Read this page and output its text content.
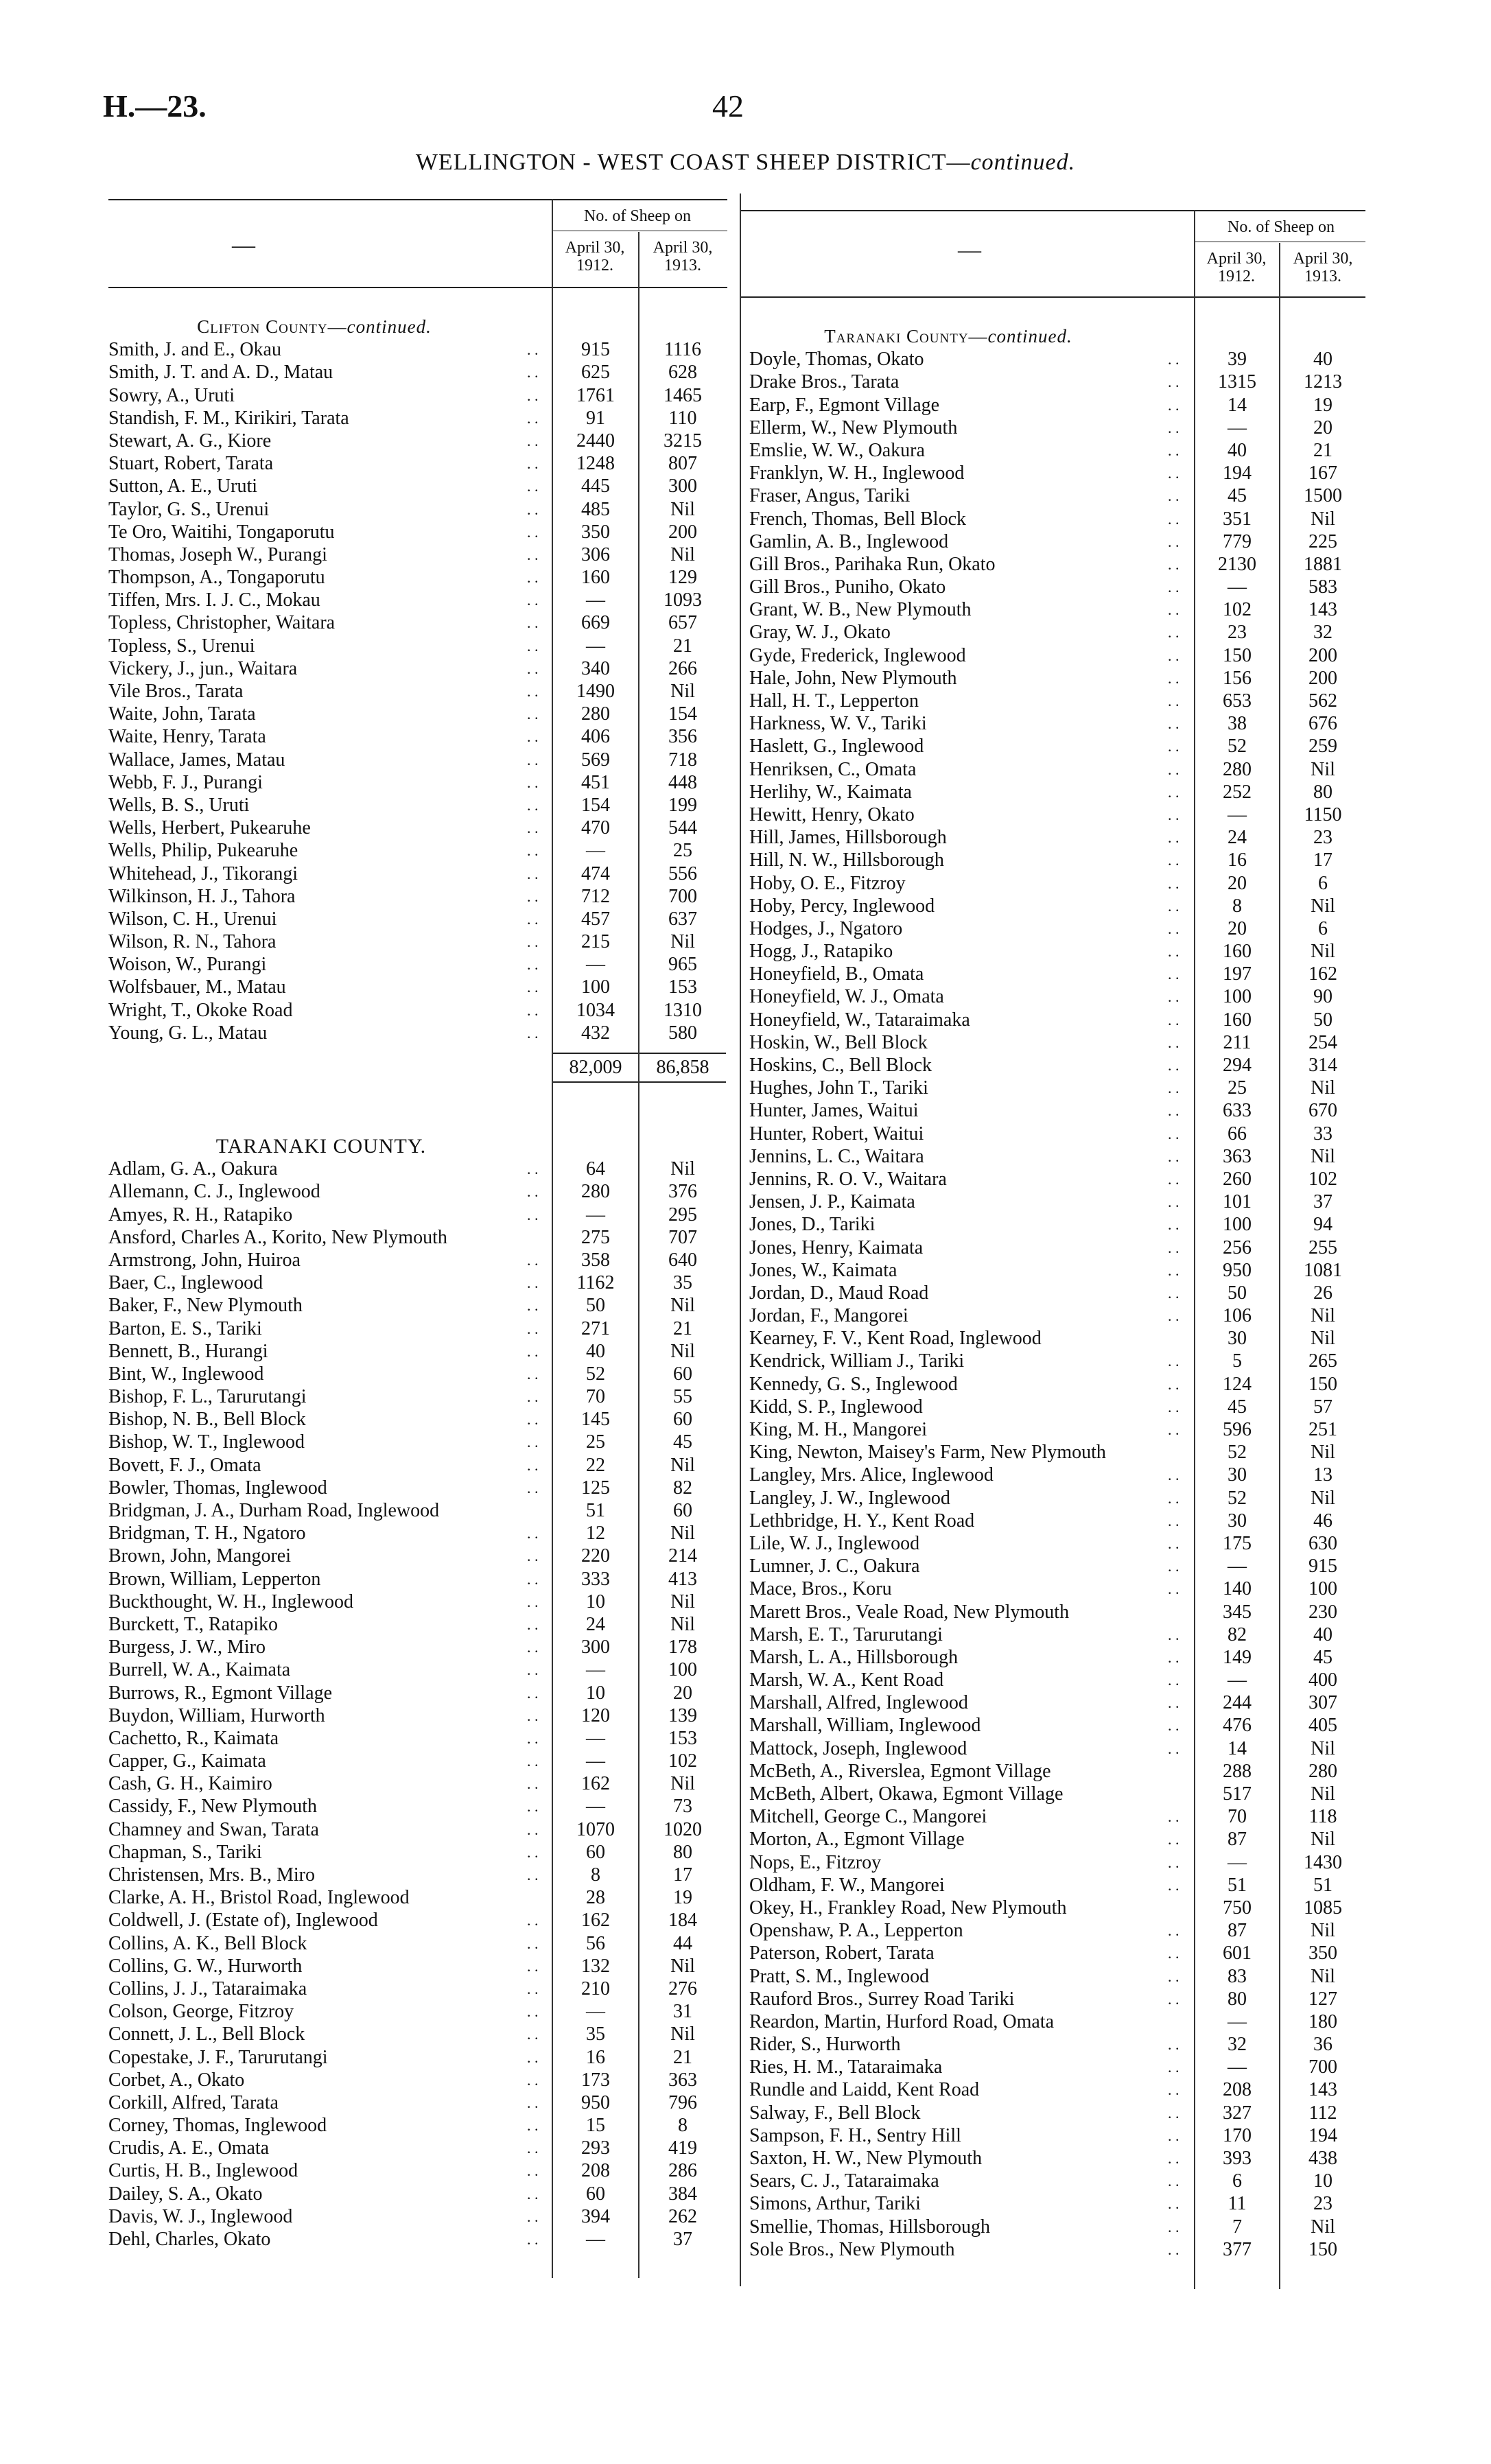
H.—23.	42
WELLINGTON - WEST COAST SHEEP DISTRICT—continued.
—
No. of Sheep on
April 30,
1912.
April 30,
1913.
Clifton County—continued.
Smith, J. and E., Okau	. .	915	1116
Smith, J. T. and A. D., Matau	. .	625	628
Sowry, A., Uruti	. .	1761	1465
Standish, F. M., Kirikiri, Tarata	. .	91	110
Stewart, A. G., Kiore	. .	2440	3215
Stuart, Robert, Tarata	. .	1248	807
Sutton, A. E., Uruti	. .	445	300
Taylor, G. S., Urenui	. .	485	Nil
Te Oro, Waitihi, Tongaporutu	. .	350	200
Thomas, Joseph W., Purangi	. .	306	Nil
Thompson, A., Tongaporutu	. .	160	129
Tiffen, Mrs. I. J. C., Mokau	. .	—	1093
Topless, Christopher, Waitara	. .	669	657
Topless, S., Urenui	. .	—	21
Vickery, J., jun., Waitara	. .	340	266
Vile Bros., Tarata	. .	1490	Nil
Waite, John, Tarata	. .	280	154
Waite, Henry, Tarata	. .	406	356
Wallace, James, Matau	. .	569	718
Webb, F. J., Purangi	. .	451	448
Wells, B. S., Uruti	. .	154	199
Wells, Herbert, Pukearuhe	. .	470	544
Wells, Philip, Pukearuhe	. .	—	25
Whitehead, J., Tikorangi	. .	474	556
Wilkinson, H. J., Tahora	. .	712	700
Wilson, C. H., Urenui	. .	457	637
Wilson, R. N., Tahora	. .	215	Nil
Woison, W., Purangi	. .	—	965
Wolfsbauer, M., Matau	. .	100	153
Wright, T., Okoke Road	. .	1034	1310
Young, G. L., Matau	. .	432	580
82,009	86,858
TARANAKI COUNTY.
Adlam, G. A., Oakura	. .	64	Nil
Allemann, C. J., Inglewood	. .	280	376
Amyes, R. H., Ratapiko	. .	—	295
Ansford, Charles A., Korito, New Plymouth	275	707
Armstrong, John, Huiroa	. .	358	640
Baer, C., Inglewood	. .	1162	35
Baker, F., New Plymouth	. .	50	Nil
Barton, E. S., Tariki	. .	271	21
Bennett, B., Hurangi	. .	40	Nil
Bint, W., Inglewood	. .	52	60
Bishop, F. L., Tarurutangi	. .	70	55
Bishop, N. B., Bell Block	. .	145	60
Bishop, W. T., Inglewood	. .	25	45
Bovett, F. J., Omata	. .	22	Nil
Bowler, Thomas, Inglewood	. .	125	82
Bridgman, J. A., Durham Road, Inglewood	51	60
Bridgman, T. H., Ngatoro	. .	12	Nil
Brown, John, Mangorei	. .	220	214
Brown, William, Lepperton	. .	333	413
Buckthought, W. H., Inglewood	. .	10	Nil
Burckett, T., Ratapiko	. .	24	Nil
Burgess, J. W., Miro	. .	300	178
Burrell, W. A., Kaimata	. .	—	100
Burrows, R., Egmont Village	. .	10	20
Buydon, William, Hurworth	. .	120	139
Cachetto, R., Kaimata	. .	—	153
Capper, G., Kaimata	. .	—	102
Cash, G. H., Kaimiro	. .	162	Nil
Cassidy, F., New Plymouth	. .	—	73
Chamney and Swan, Tarata	. .	1070	1020
Chapman, S., Tariki	. .	60	80
Christensen, Mrs. B., Miro	. .	8	17
Clarke, A. H., Bristol Road, Inglewood	28	19
Coldwell, J. (Estate of), Inglewood	. .	162	184
Collins, A. K., Bell Block	. .	56	44
Collins, G. W., Hurworth	. .	132	Nil
Collins, J. J., Tataraimaka	. .	210	276
Colson, George, Fitzroy	. .	—	31
Connett, J. L., Bell Block	. .	35	Nil
Copestake, J. F., Tarurutangi	. .	16	21
Corbet, A., Okato	. .	173	363
Corkill, Alfred, Tarata	. .	950	796
Corney, Thomas, Inglewood	. .	15	8
Crudis, A. E., Omata	. .	293	419
Curtis, H. B., Inglewood	. .	208	286
Dailey, S. A., Okato	. .	60	384
Davis, W. J., Inglewood	. .	394	262
Dehl, Charles, Okato	. .	—	37
—
No. of Sheep on
April 30,
1912.
April 30,
1913.
Taranaki County—continued.
Doyle, Thomas, Okato	. .	39	40
Drake Bros., Tarata	. .	1315	1213
Earp, F., Egmont Village	. .	14	19
Ellerm, W., New Plymouth	. .	—	20
Emslie, W. W., Oakura	. .	40	21
Franklyn, W. H., Inglewood	. .	194	167
Fraser, Angus, Tariki	. .	45	1500
French, Thomas, Bell Block	. .	351	Nil
Gamlin, A. B., Inglewood	. .	779	225
Gill Bros., Parihaka Run, Okato	. .	2130	1881
Gill Bros., Puniho, Okato	. .	—	583
Grant, W. B., New Plymouth	. .	102	143
Gray, W. J., Okato	. .	23	32
Gyde, Frederick, Inglewood	. .	150	200
Hale, John, New Plymouth	. .	156	200
Hall, H. T., Lepperton	. .	653	562
Harkness, W. V., Tariki	. .	38	676
Haslett, G., Inglewood	. .	52	259
Henriksen, C., Omata	. .	280	Nil
Herlihy, W., Kaimata	. .	252	80
Hewitt, Henry, Okato	. .	—	1150
Hill, James, Hillsborough	. .	24	23
Hill, N. W., Hillsborough	. .	16	17
Hoby, O. E., Fitzroy	. .	20	6
Hoby, Percy, Inglewood	. .	8	Nil
Hodges, J., Ngatoro	. .	20	6
Hogg, J., Ratapiko	. .	160	Nil
Honeyfield, B., Omata	. .	197	162
Honeyfield, W. J., Omata	. .	100	90
Honeyfield, W., Tataraimaka	. .	160	50
Hoskin, W., Bell Block	. .	211	254
Hoskins, C., Bell Block	. .	294	314
Hughes, John T., Tariki	. .	25	Nil
Hunter, James, Waitui	. .	633	670
Hunter, Robert, Waitui	. .	66	33
Jennins, L. C., Waitara	. .	363	Nil
Jennins, R. O. V., Waitara	. .	260	102
Jensen, J. P., Kaimata	. .	101	37
Jones, D., Tariki	. .	100	94
Jones, Henry, Kaimata	. .	256	255
Jones, W., Kaimata	. .	950	1081
Jordan, D., Maud Road	. .	50	26
Jordan, F., Mangorei	. .	106	Nil
Kearney, F. V., Kent Road, Inglewood	30	Nil
Kendrick, William J., Tariki	. .	5	265
Kennedy, G. S., Inglewood	. .	124	150
Kidd, S. P., Inglewood	. .	45	57
King, M. H., Mangorei	. .	596	251
King, Newton, Maisey's Farm, New Plymouth	52	Nil
Langley, Mrs. Alice, Inglewood	. .	30	13
Langley, J. W., Inglewood	. .	52	Nil
Lethbridge, H. Y., Kent Road	. .	30	46
Lile, W. J., Inglewood	. .	175	630
Lumner, J. C., Oakura	. .	—	915
Mace, Bros., Koru	. .	140	100
Marett Bros., Veale Road, New Plymouth	345	230
Marsh, E. T., Tarurutangi	. .	82	40
Marsh, L. A., Hillsborough	. .	149	45
Marsh, W. A., Kent Road	. .	—	400
Marshall, Alfred, Inglewood	. .	244	307
Marshall, William, Inglewood	. .	476	405
Mattock, Joseph, Inglewood	. .	14	Nil
McBeth, A., Riverslea, Egmont Village	288	280
McBeth, Albert, Okawa, Egmont Village	517	Nil
Mitchell, George C., Mangorei	. .	70	118
Morton, A., Egmont Village	. .	87	Nil
Nops, E., Fitzroy	. .	—	1430
Oldham, F. W., Mangorei	. .	51	51
Okey, H., Frankley Road, New Plymouth	750	1085
Openshaw, P. A., Lepperton	. .	87	Nil
Paterson, Robert, Tarata	. .	601	350
Pratt, S. M., Inglewood	. .	83	Nil
Rauford Bros., Surrey Road Tariki	. .	80	127
Reardon, Martin, Hurford Road, Omata	—	180
Rider, S., Hurworth	. .	32	36
Ries, H. M., Tataraimaka	. .	—	700
Rundle and Laidd, Kent Road	. .	208	143
Salway, F., Bell Block	. .	327	112
Sampson, F. H., Sentry Hill	. .	170	194
Saxton, H. W., New Plymouth	. .	393	438
Sears, C. J., Tataraimaka	. .	6	10
Simons, Arthur, Tariki	. .	11	23
Smellie, Thomas, Hillsborough	. .	7	Nil
Sole Bros., New Plymouth	. .	377	150
